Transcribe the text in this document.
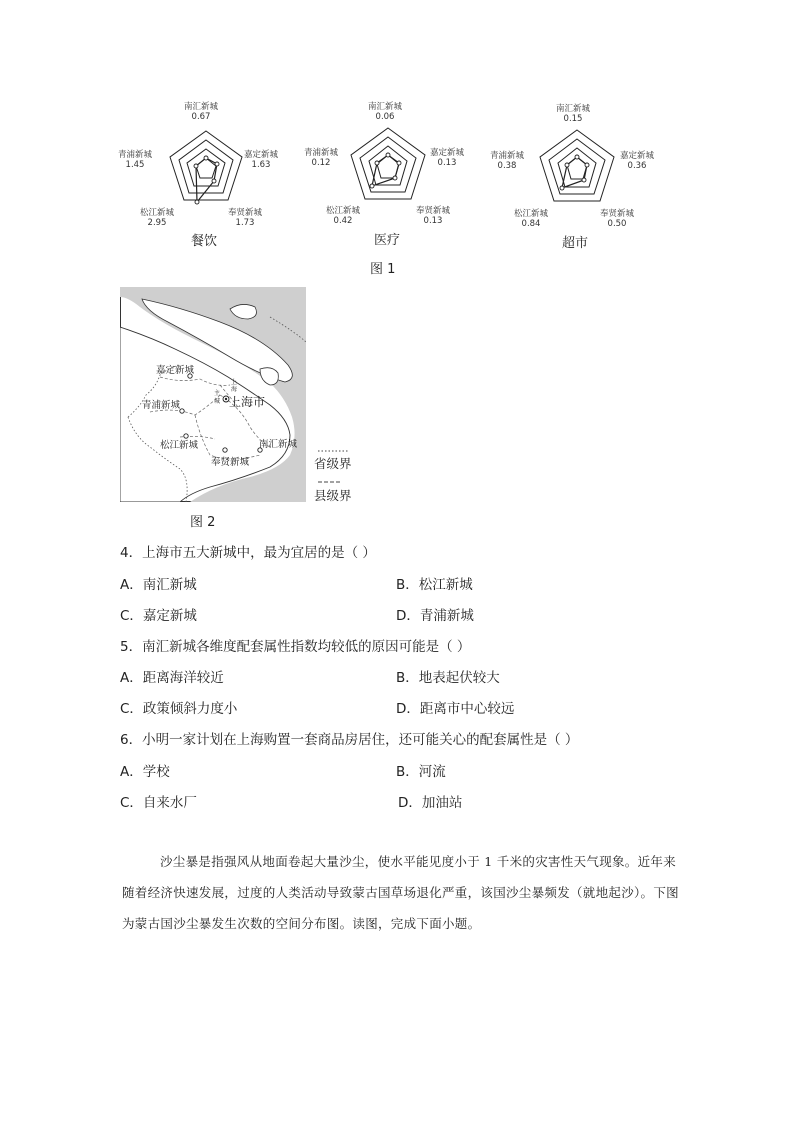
南汇新城
0.67
嘉定新城
1.63
奉贤新城
1.73
松江新城
2.95
青浦新城
1.45
餐饮
南汇新城
0.06
嘉定新城
0.13
奉贤新城
0.13
松江新城
0.42
青浦新城
0.12
医疗
南汇新城
0.15
嘉定新城
0.36
奉贤新城
0.50
松江新城
0.84
青浦新城
0.38
超市
图 1
嘉定新城
青浦新城
松江新城
奉贤新城
南汇新城
上海市
上
海
主
城
省级界
县级界
图 2
4．上海市五大新城中，最为宜居的是（ ）
A．南汇新城	B．松江新城
C．嘉定新城	D．青浦新城
5．南汇新城各维度配套属性指数均较低的原因可能是（ ）
A．距离海洋较近	B．地表起伏较大
C．政策倾斜力度小	D．距离市中心较远
6．小明一家计划在上海购置一套商品房居住，还可能关心的配套属性是（ ）
A．学校	B．河流
C．自来水厂	D．加油站
沙尘暴是指强风从地面卷起大量沙尘，使水平能见度小于 1 千米的灾害性天气现象。近年来随着经济快速发展，过度的人类活动导致蒙古国草场退化严重，该国沙尘暴频发（就地起沙）。下图为蒙古国沙尘暴发生次数的空间分布图。读图，完成下面小题。
